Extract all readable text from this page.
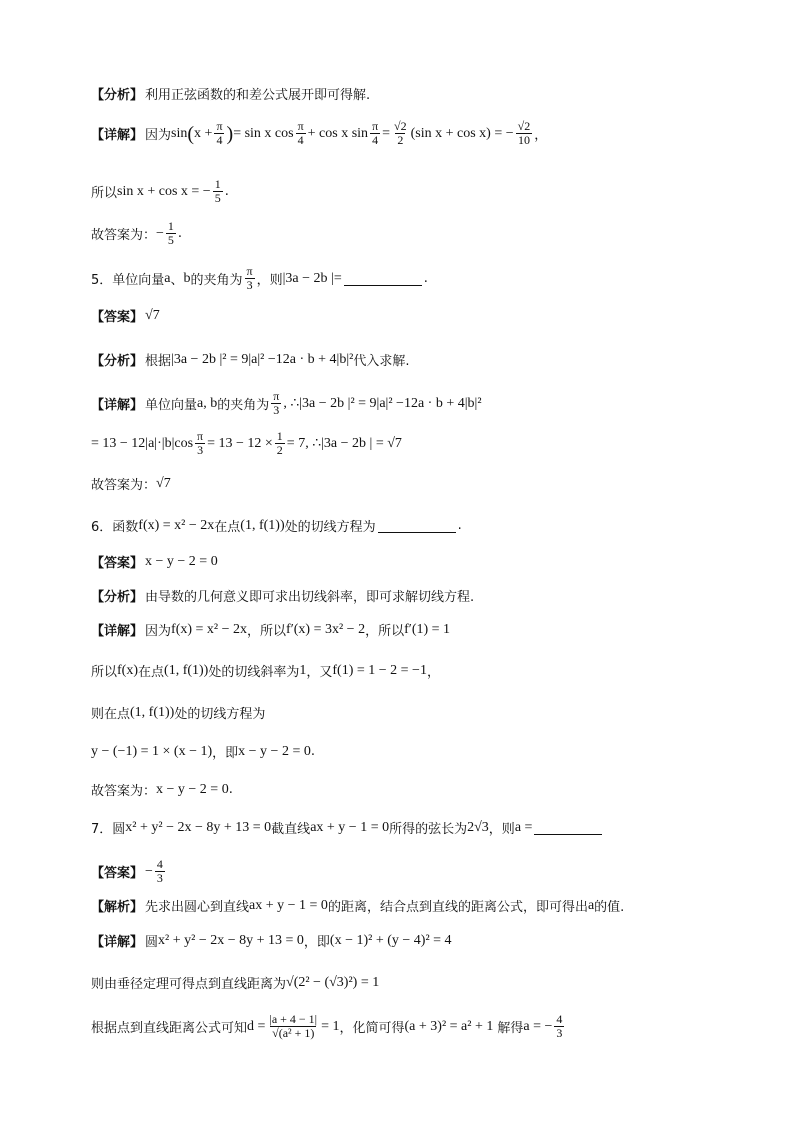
【分析】 利用正弦函数的和差公式展开即可得解.
【详解】 因为 sin ( $x + \frac{\pi}{4}$ ) = sin x $\cos \frac{\pi}{4} + \cos x$ $\sin \frac{\pi}{4} = \frac{√2}{2} (\sin$ x + cos x) = − $\frac{√2}{10}$ ，
所以 sin x + cos x = − $\frac{1}{5}$ .
故答案为： − $\frac{1}{5}$ .
5． 单位向量 a 、 b 的夹角为 $\frac{\pi}{3}$ ，则 |3a − 2b |=	.
【答案】 √7
【分析】 根据 |3a − 2b |² = 9|a|² −12a · b + 4|b|² 代入求解.
【详解】 单位向量 a, b 的夹角为 $\frac{\pi}{3}$ , ∴|3a − 2b |² = 9|a|² −12a · b + 4|b|²
= $13 - 12|a|\cdot|b|\cos \frac{\pi}{3} = 13 - 12 \times \frac{1}{2} = 7$, ∴|3a − 2b | = √7
故答案为： √7
6． 函数 f(x) = x² − 2x 在点 (1, f(1)) 处的切线方程为	.
【答案】 x − y − 2 = 0
【分析】 由导数的几何意义即可求出切线斜率，即可求解切线方程.
【详解】 因为 f(x) = x² − 2x ，所以 f′(x) = 3x² − 2 ，所以 f′(1) = 1
所以 f(x) 在点 (1, f(1)) 处的切线斜率为 1 ，又 f(1) = 1 − 2 = −1 ，
则在点 (1, f(1)) 处的切线方程为
y − (−1) = 1 × (x − 1) ，即 x − y − 2 = 0 .
故答案为： x − y − 2 = 0 .
7． 圆 x² + y² − 2x − 8y + 13 = 0 截直线 ax + y − 1 = 0 所得的弦长为 2√3 ，则 a =
【答案】 − $\frac{4}{3}$
【解析】 先求出圆心到直线 ax + y − 1 = 0 的距离，结合点到直线的距离公式，即可得出 a 的值.
【详解】 圆 x² + y² − 2x − 8y + 13 = 0 ，即 (x − 1)² + (y − 4)² = 4
则由垂径定理可得点到直线距离为 √(2² − (√3)²) = 1
根据点到直线距离公式可知 $d = \frac{|a + 4 - 1|}{\text{√(a² + 1)}} = 1$ ，化简可得 (a + 3)² = a² + 1 解得 a = − $\frac{4}{3}$
